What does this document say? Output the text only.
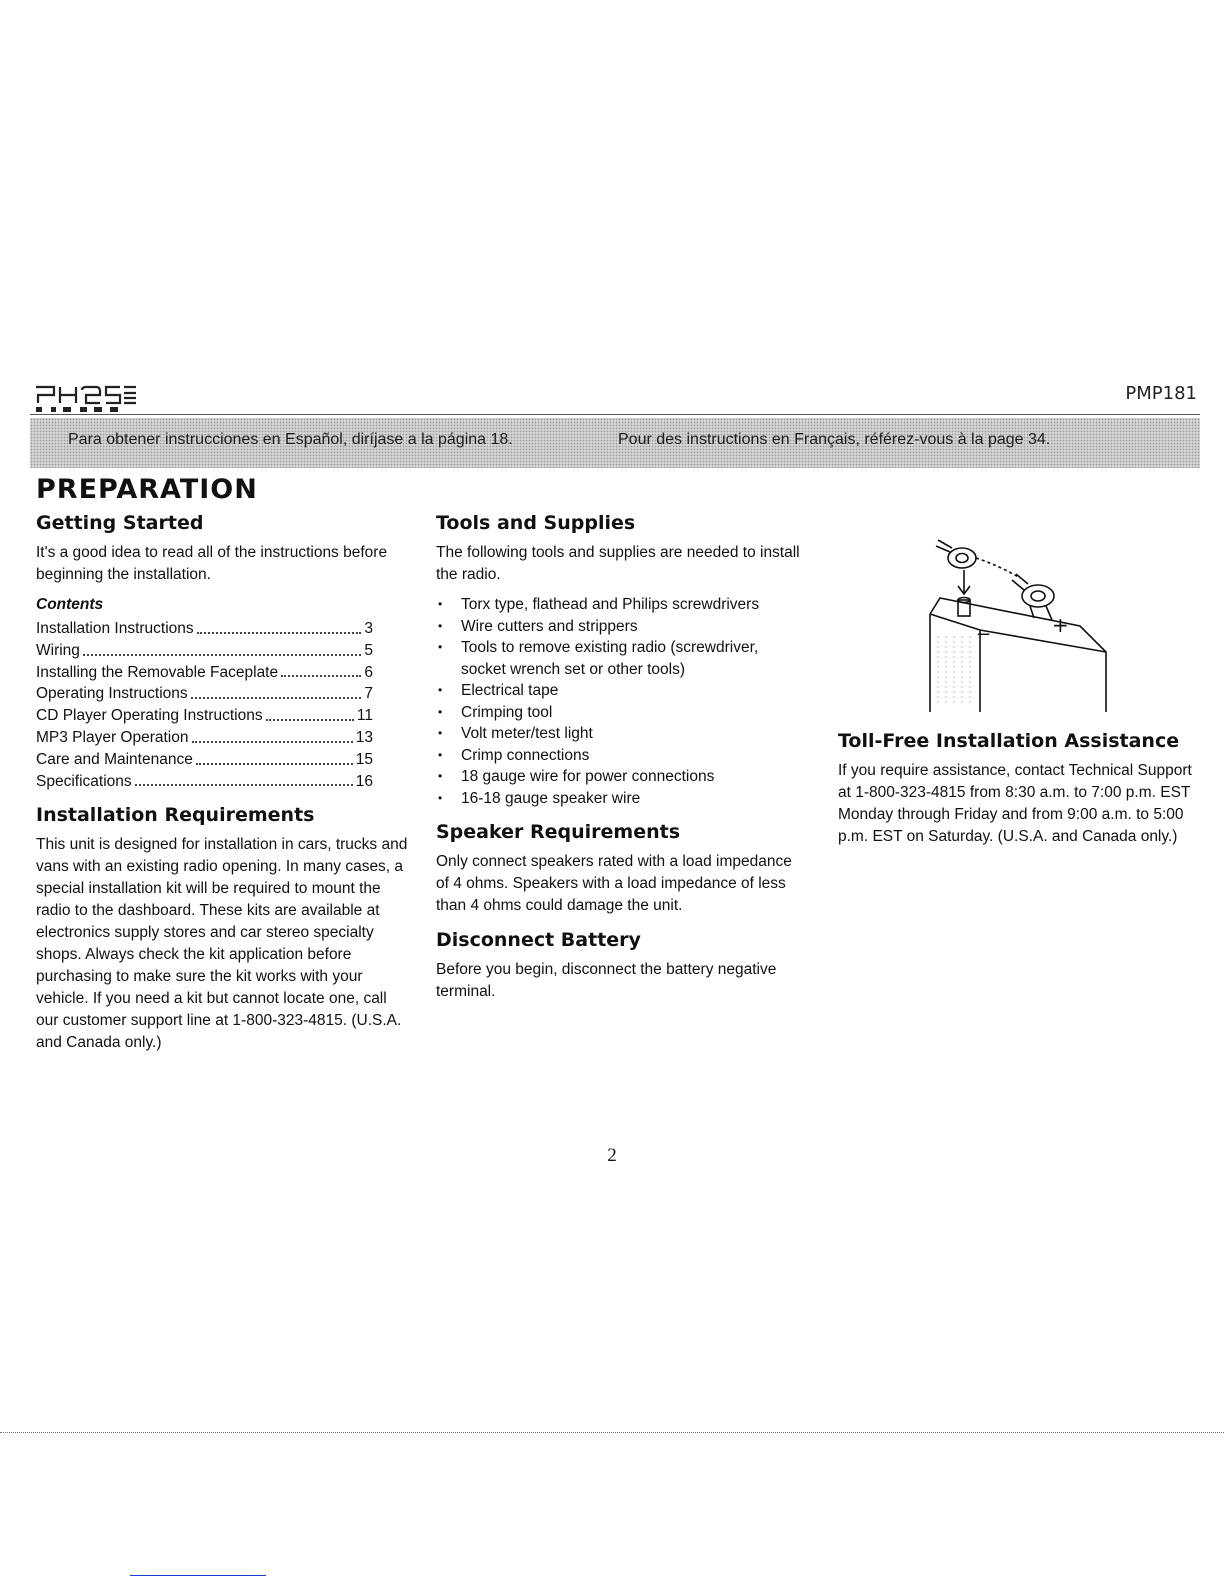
PMP181
Para obtener instrucciones en Español, diríjase a la página 18.	Pour des instructions en Français, référez-vous à la page 34.
PREPARATION
Getting Started

It's a good idea to read all of the instructions before beginning the installation.

Contents
Installation Instructions	3
Wiring	5
Installing the Removable Faceplate	6
Operating Instructions	7
CD Player Operating Instructions	11
MP3 Player Operation	13
Care and Maintenance	15
Specifications	16
Installation Requirements

This unit is designed for installation in cars, trucks and vans with an existing radio opening. In many cases, a special installation kit will be required to mount the radio to the dashboard. These kits are available at electronics supply stores and car stereo specialty shops. Always check the kit application before purchasing to make sure the kit works with your vehicle. If you need a kit but cannot locate one, call our customer support line at 1-800-323-4815. (U.S.A. and Canada only.)

Tools and Supplies

The following tools and supplies are needed to install the radio.

• Torx type, flathead and Philips screwdrivers
• Wire cutters and strippers
• Tools to remove existing radio (screwdriver, socket wrench set or other tools)
• Electrical tape
• Crimping tool
• Volt meter/test light
• Crimp connections
• 18 gauge wire for power connections
• 16-18 gauge speaker wire
Speaker Requirements

Only connect speakers rated with a load impedance of 4 ohms. Speakers with a load impedance of less than 4 ohms could damage the unit.

Disconnect Battery

Before you begin, disconnect the battery negative terminal.

−	+
Toll-Free Installation Assistance

If you require assistance, contact Technical Support at 1-800-323-4815 from 8:30 a.m. to 7:00 p.m. EST Monday through Friday and from 9:00 a.m. to 5:00 p.m. EST on Saturday. (U.S.A. and Canada only.)

2
